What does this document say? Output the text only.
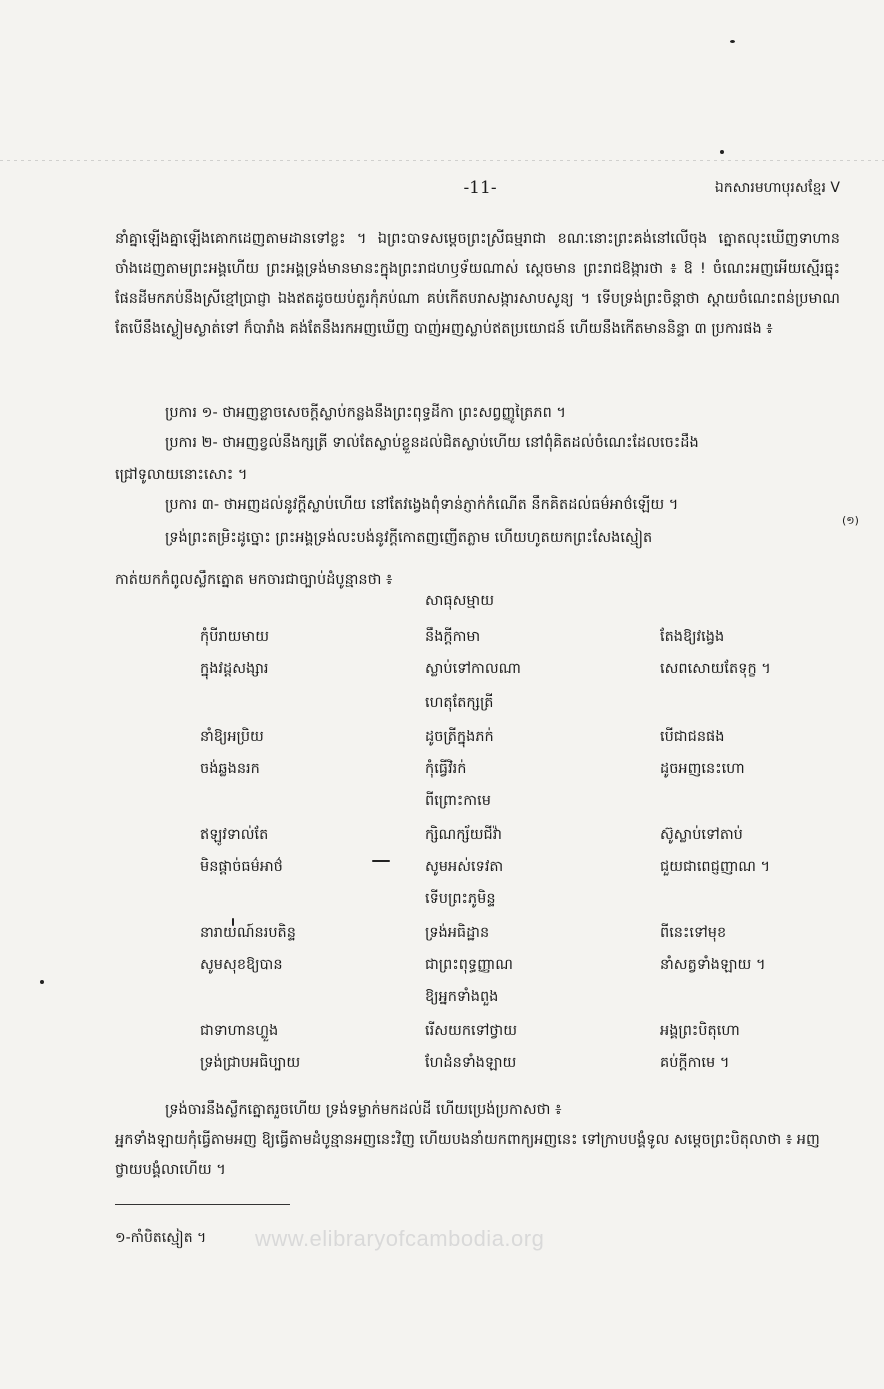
-11-	ឯកសារមហាបុរសខ្មែរ V
នាំគ្នាឡើងគ្នាឡើងគោកដេញតាមដានទៅខ្លះ ។ ឯព្រះបាទសម្តេចព្រះស្រីធម្មរាជា ខណៈនោះព្រះគង់នៅលើចុង ត្នោតលុះឃើញទាហានចាំងដេញតាមព្រះអង្គហើយ ព្រះអង្គទ្រង់មានមានះក្នុងព្រះរាជហឫទ័យណាស់ ស្តេចមាន ព្រះរាជឱង្ការថា ៖ ឱ ! ចំណេះអញអើយស្មើរធ្នុះផែនដីមកភប់នឹងស្រីខ្មៅប្រាជ្ញា ឯងឥតដូចយប់តួរកុំភប់ណា គប់កើតបរាសង្ការសាបសូន្យ ។ ទើបទ្រង់ព្រះចិន្តាថា ស្តាយចំណេះពន់ប្រមាណ តែបើនឹងស្ងៀមស្ងាត់ទៅ ក៏បារាំង គង់តែនឹងរកអញឃើញ បាញ់អញស្លាប់ឥតប្រយោជន៍ ហើយនឹងកើតមាននិន្ទា ៣ ប្រការផង ៖
ប្រការ ១- ថាអញខ្លាចសេចក្តីស្លាប់កន្លងនឹងព្រះពុទ្ធដីកា ព្រះសព្វញ្ញូត្រៃភព ។
ប្រការ ២- ថាអញខ្វល់នឹងក្សត្រី ទាល់តែស្លាប់ខ្លួនដល់ជិតស្លាប់ហើយ នៅពុំគិតដល់ចំណេះដែលចេះដឹង
ជ្រៅទូលាយនោះសោះ ។
ប្រការ ៣- ថាអញដល់នូវក្តីស្លាប់ហើយ នៅតែវង្វេងពុំទាន់ភ្ញាក់កំណើត នឹកគិតដល់ធម៌អាថ៌ឡើយ ។
ទ្រង់ព្រះតម្រិះដូច្នោះ ព្រះអង្គទ្រង់លះបង់នូវក្តីកោតញញើតភ្លាម ហើយហូតយកព្រះសែងស្មៀត
(១)
កាត់យកកំពូលស្លឹកត្នោត មកចារជាច្បាប់ដំបូន្មានថា ៖
សាធុសម្មាយ
កុំបីរាយមាយ	នឹងក្តីកាមា	តែងឱ្យវង្វេង
ក្នុងវដ្តសង្សារ	ស្លាប់ទៅកាលណា	សេពសោយតែទុក្ខ ។
ហេតុតែក្សត្រី
នាំឱ្យអប្រិយ	ដូចត្រីក្នុងភក់	បើជាជនផង
ចង់ឆ្លងនរក	កុំធ្វើវិរក់	ដូចអញនេះហោ
ពីព្រោះកាមេ
ឥឡូវទាល់តែ	ក្សិណក្ស័យជីវ៉ា	ស៊ូស្លាប់ទៅតាប់
មិនផ្តាច់ធម៌អាថ៌	សូមអស់ទេវតា	ជួយជាពេជ្ញញាណ ។
ទើបព្រះភូមិន្ទ
នារាយណ៍នរបតិន្ទ	ទ្រង់អធិដ្ឋាន	ពីនេះទៅមុខ
សូមសុខឱ្យបាន	ជាព្រះពុទ្ធញ្ញាណ	នាំសត្វទាំងឡាយ ។
ឱ្យអ្នកទាំងពួង
ជាទាហានហ្លួង	រើសយកទៅថ្វាយ	អង្គព្រះបិតុហោ
ទ្រង់ជ្រាបអធិប្បាយ	ហែដំនទាំងឡាយ	គប់ក្តីកាមេ ។
ទ្រង់ចារនឹងស្លឹកត្នោតរួចហើយ ទ្រង់ទម្លាក់មកដល់ដី ហើយប្រេង់ប្រកាសថា ៖
អ្នកទាំងឡាយកុំធ្វើតាមអញ ឱ្យធ្វើតាមដំបូន្មានអញនេះវិញ ហើយបងនាំយកពាក្យអញនេះ ទៅក្រាបបង្គំទូល សម្តេចព្រះបិតុលាថា ៖ អញថ្វាយបង្គំលាហើយ ។
១-កាំបិតស្មៀត ។ www.elibraryofcambodia.org
